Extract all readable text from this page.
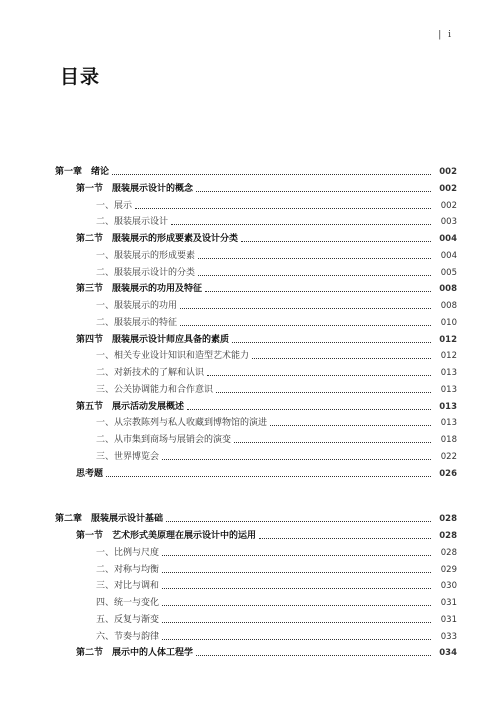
| i
目录
第一章　绪论	002
第一节　服装展示设计的概念	002
一、展示	002
二、服装展示设计	003
第二节　服装展示的形成要素及设计分类	004
一、服装展示的形成要素	004
二、服装展示设计的分类	005
第三节　服装展示的功用及特征	008
一、服装展示的功用	008
二、服装展示的特征	010
第四节　服装展示设计师应具备的素质	012
一、相关专业设计知识和造型艺术能力	012
二、对新技术的了解和认识	013
三、公关协调能力和合作意识	013
第五节　展示活动发展概述	013
一、从宗教陈列与私人收藏到博物馆的演进	013
二、从市集到商场与展销会的演变	018
三、世界博览会	022
思考题	026
第二章　服装展示设计基础	028
第一节　艺术形式美原理在展示设计中的运用	028
一、比例与尺度	028
二、对称与均衡	029
三、对比与调和	030
四、统一与变化	031
五、反复与渐变	031
六、节奏与韵律	033
第二节　展示中的人体工程学	034
